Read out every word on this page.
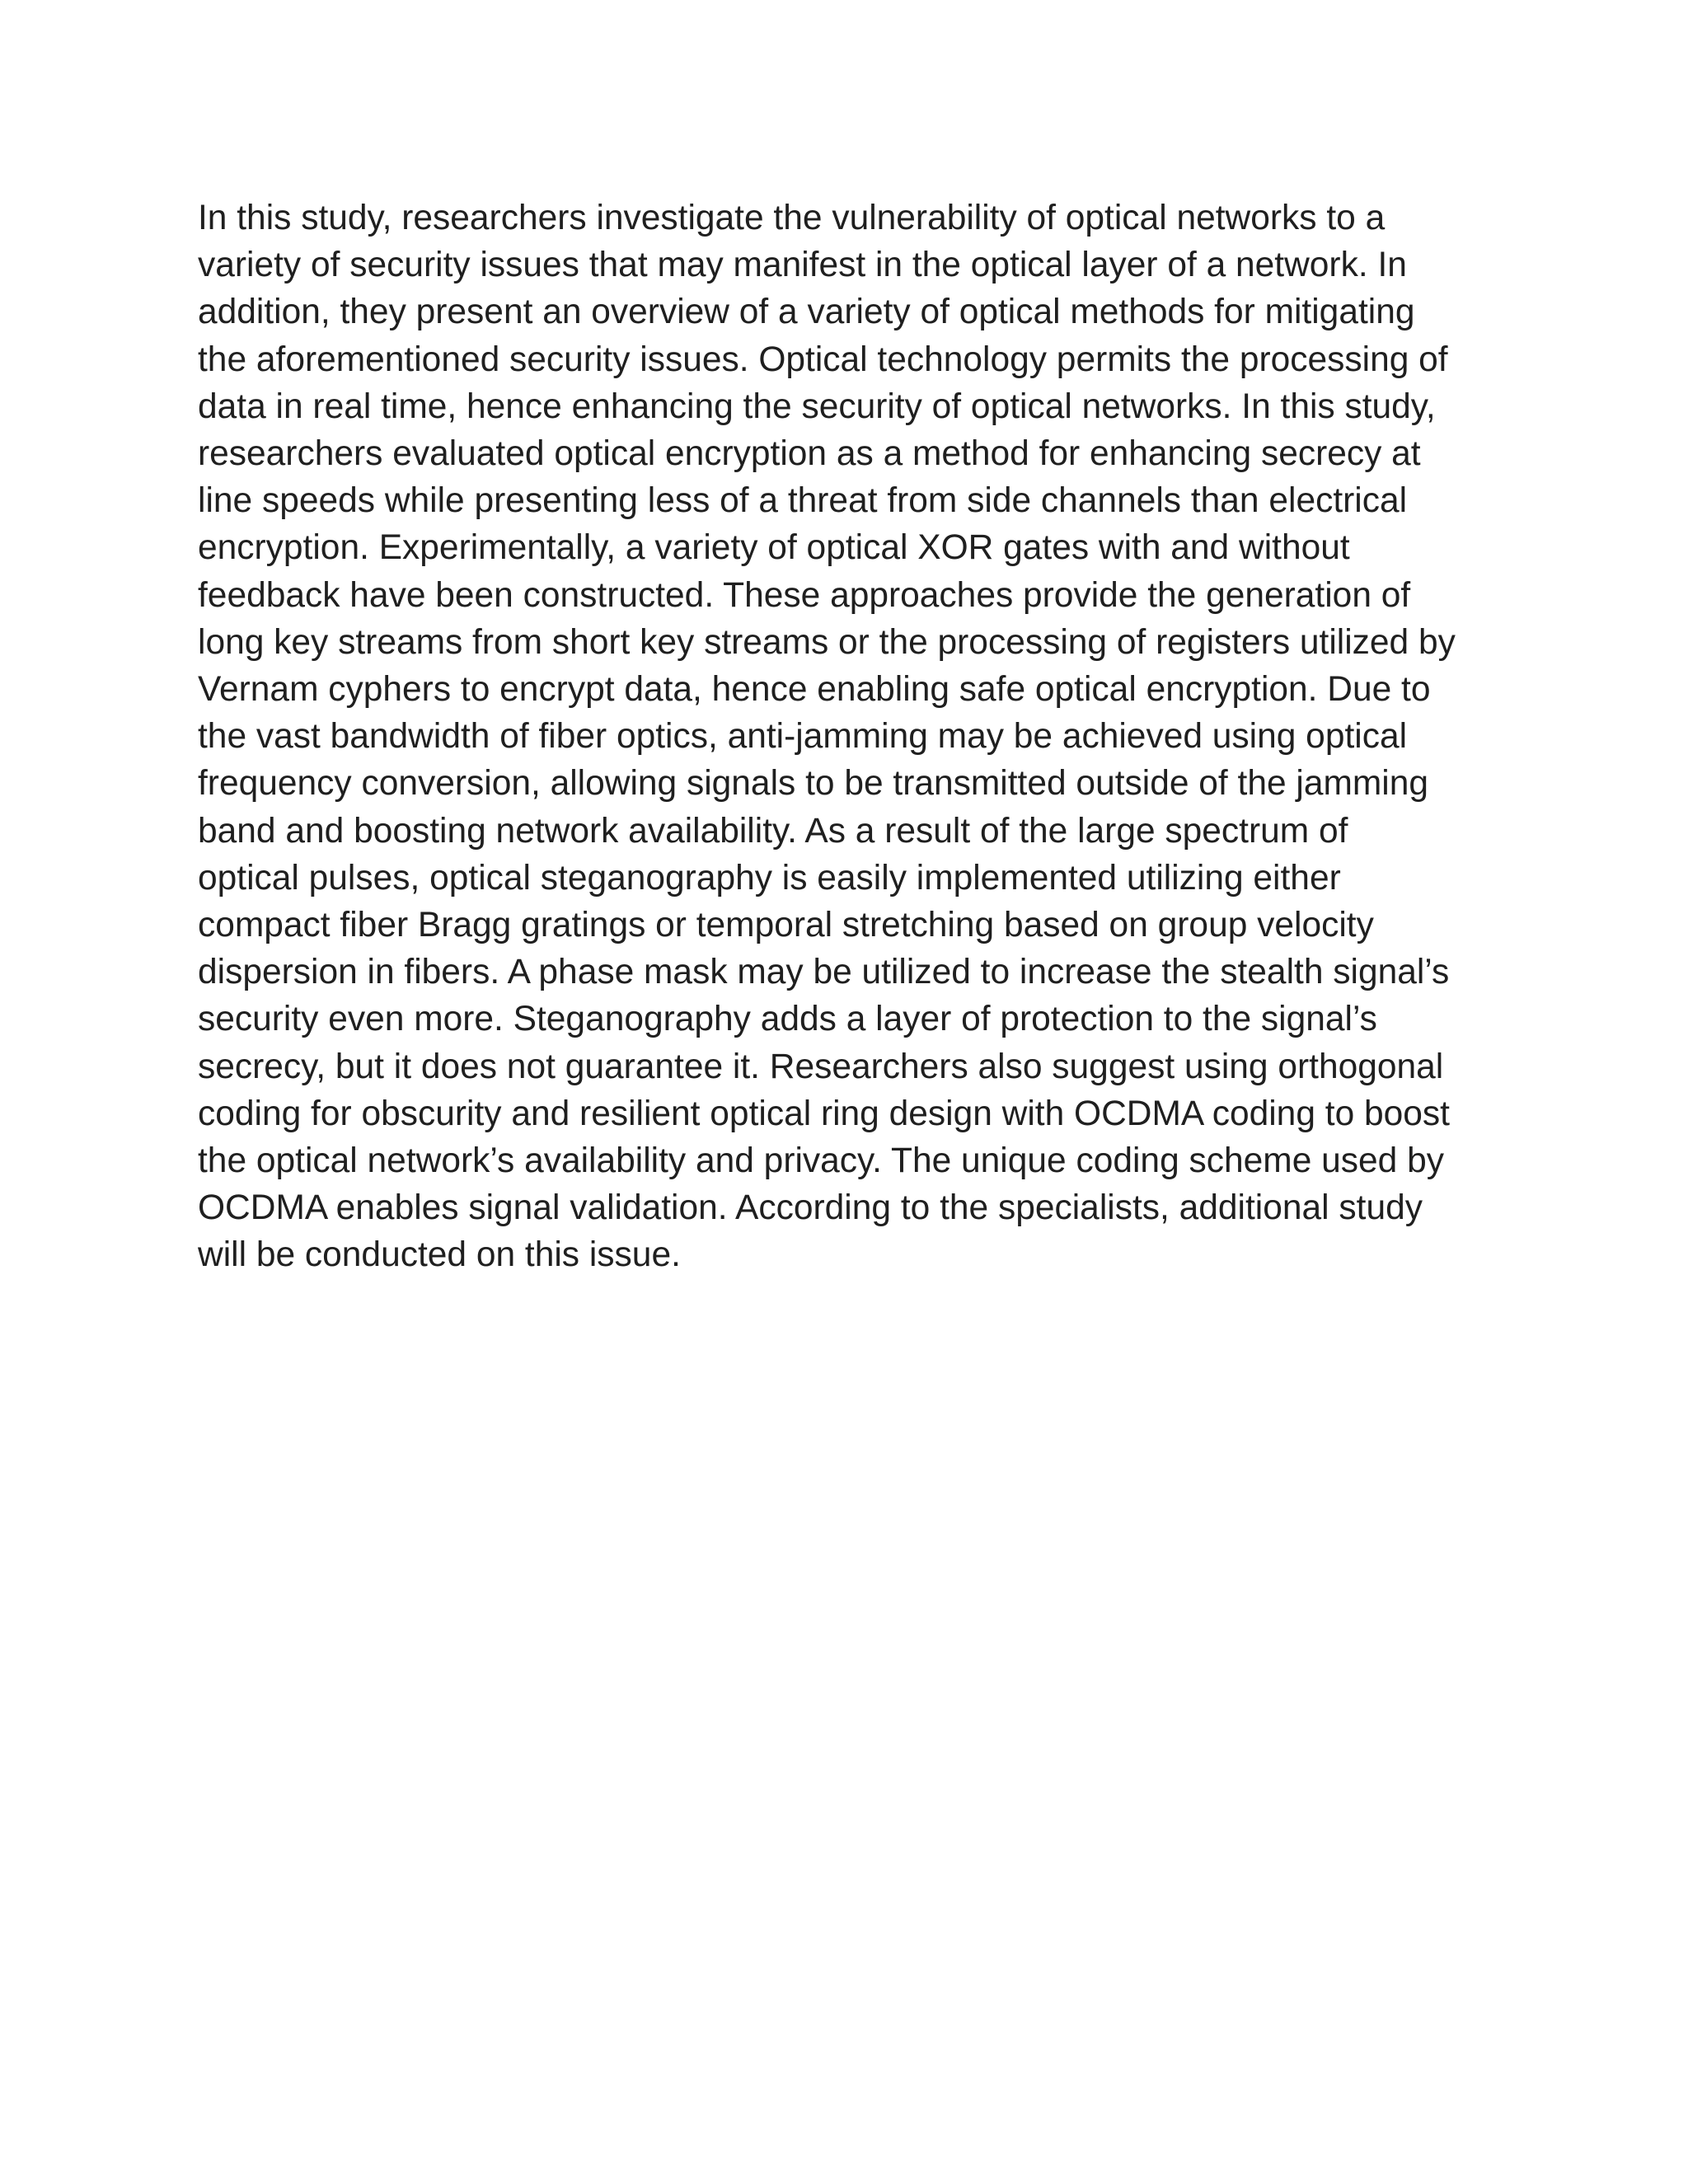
In this study, researchers investigate the vulnerability of optical networks to a
variety of security issues that may manifest in the optical layer of a network. In
addition, they present an overview of a variety of optical methods for mitigating
the aforementioned security issues. Optical technology permits the processing of
data in real time, hence enhancing the security of optical networks. In this study,
researchers evaluated optical encryption as a method for enhancing secrecy at
line speeds while presenting less of a threat from side channels than electrical
encryption. Experimentally, a variety of optical XOR gates with and without
feedback have been constructed. These approaches provide the generation of
long key streams from short key streams or the processing of registers utilized by
Vernam cyphers to encrypt data, hence enabling safe optical encryption. Due to
the vast bandwidth of fiber optics, anti-jamming may be achieved using optical
frequency conversion, allowing signals to be transmitted outside of the jamming
band and boosting network availability. As a result of the large spectrum of
optical pulses, optical steganography is easily implemented utilizing either
compact fiber Bragg gratings or temporal stretching based on group velocity
dispersion in fibers. A phase mask may be utilized to increase the stealth signal’s
security even more. Steganography adds a layer of protection to the signal’s
secrecy, but it does not guarantee it. Researchers also suggest using orthogonal
coding for obscurity and resilient optical ring design with OCDMA coding to boost
the optical network’s availability and privacy. The unique coding scheme used by
OCDMA enables signal validation. According to the specialists, additional study
will be conducted on this issue.
